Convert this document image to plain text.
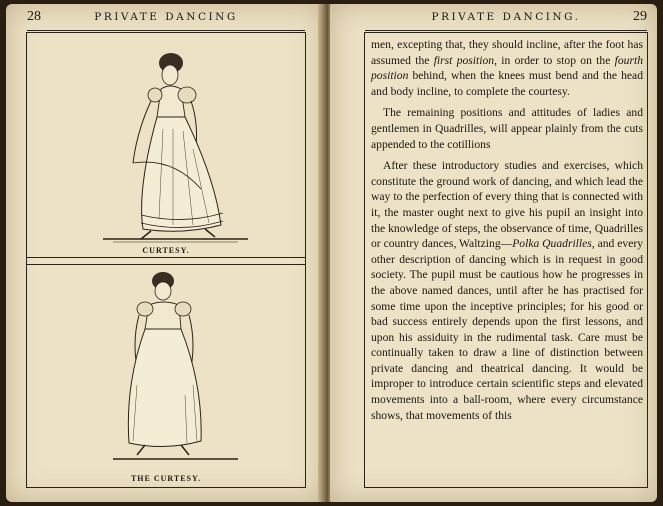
28	PRIVATE DANCING
CURTESY.
THE CURTESY.
PRIVATE DANCING.	29

men, excepting that, they should incline, after the foot has assumed the first position, in order to stop on the fourth position behind, when the knees must bend and the head and body incline, to complete the courtesy.

The remaining positions and attitudes of ladies and gentlemen in Quadrilles, will appear plainly from the cuts appended to the cotillions

After these introductory studies and exercises, which constitute the ground work of dancing, and which lead the way to the perfection of every thing that is connected with it, the master ought next to give his pupil an insight into the knowledge of steps, the observance of time, Quadrilles or country dances, Waltzing—Polka Quadrilles, and every other description of dancing which is in request in good society. The pupil must be cautious how he progresses in the above named dances, until after he has practised for some time upon the inceptive principles; for his good or bad success entirely depends upon the first lessons, and upon his assiduity in the rudimental task. Care must be continually taken to draw a line of distinction between private dancing and theatrical dancing. It would be improper to introduce certain scientific steps and elevated movements into a ball-room, where every circumstance shows, that movements of this
